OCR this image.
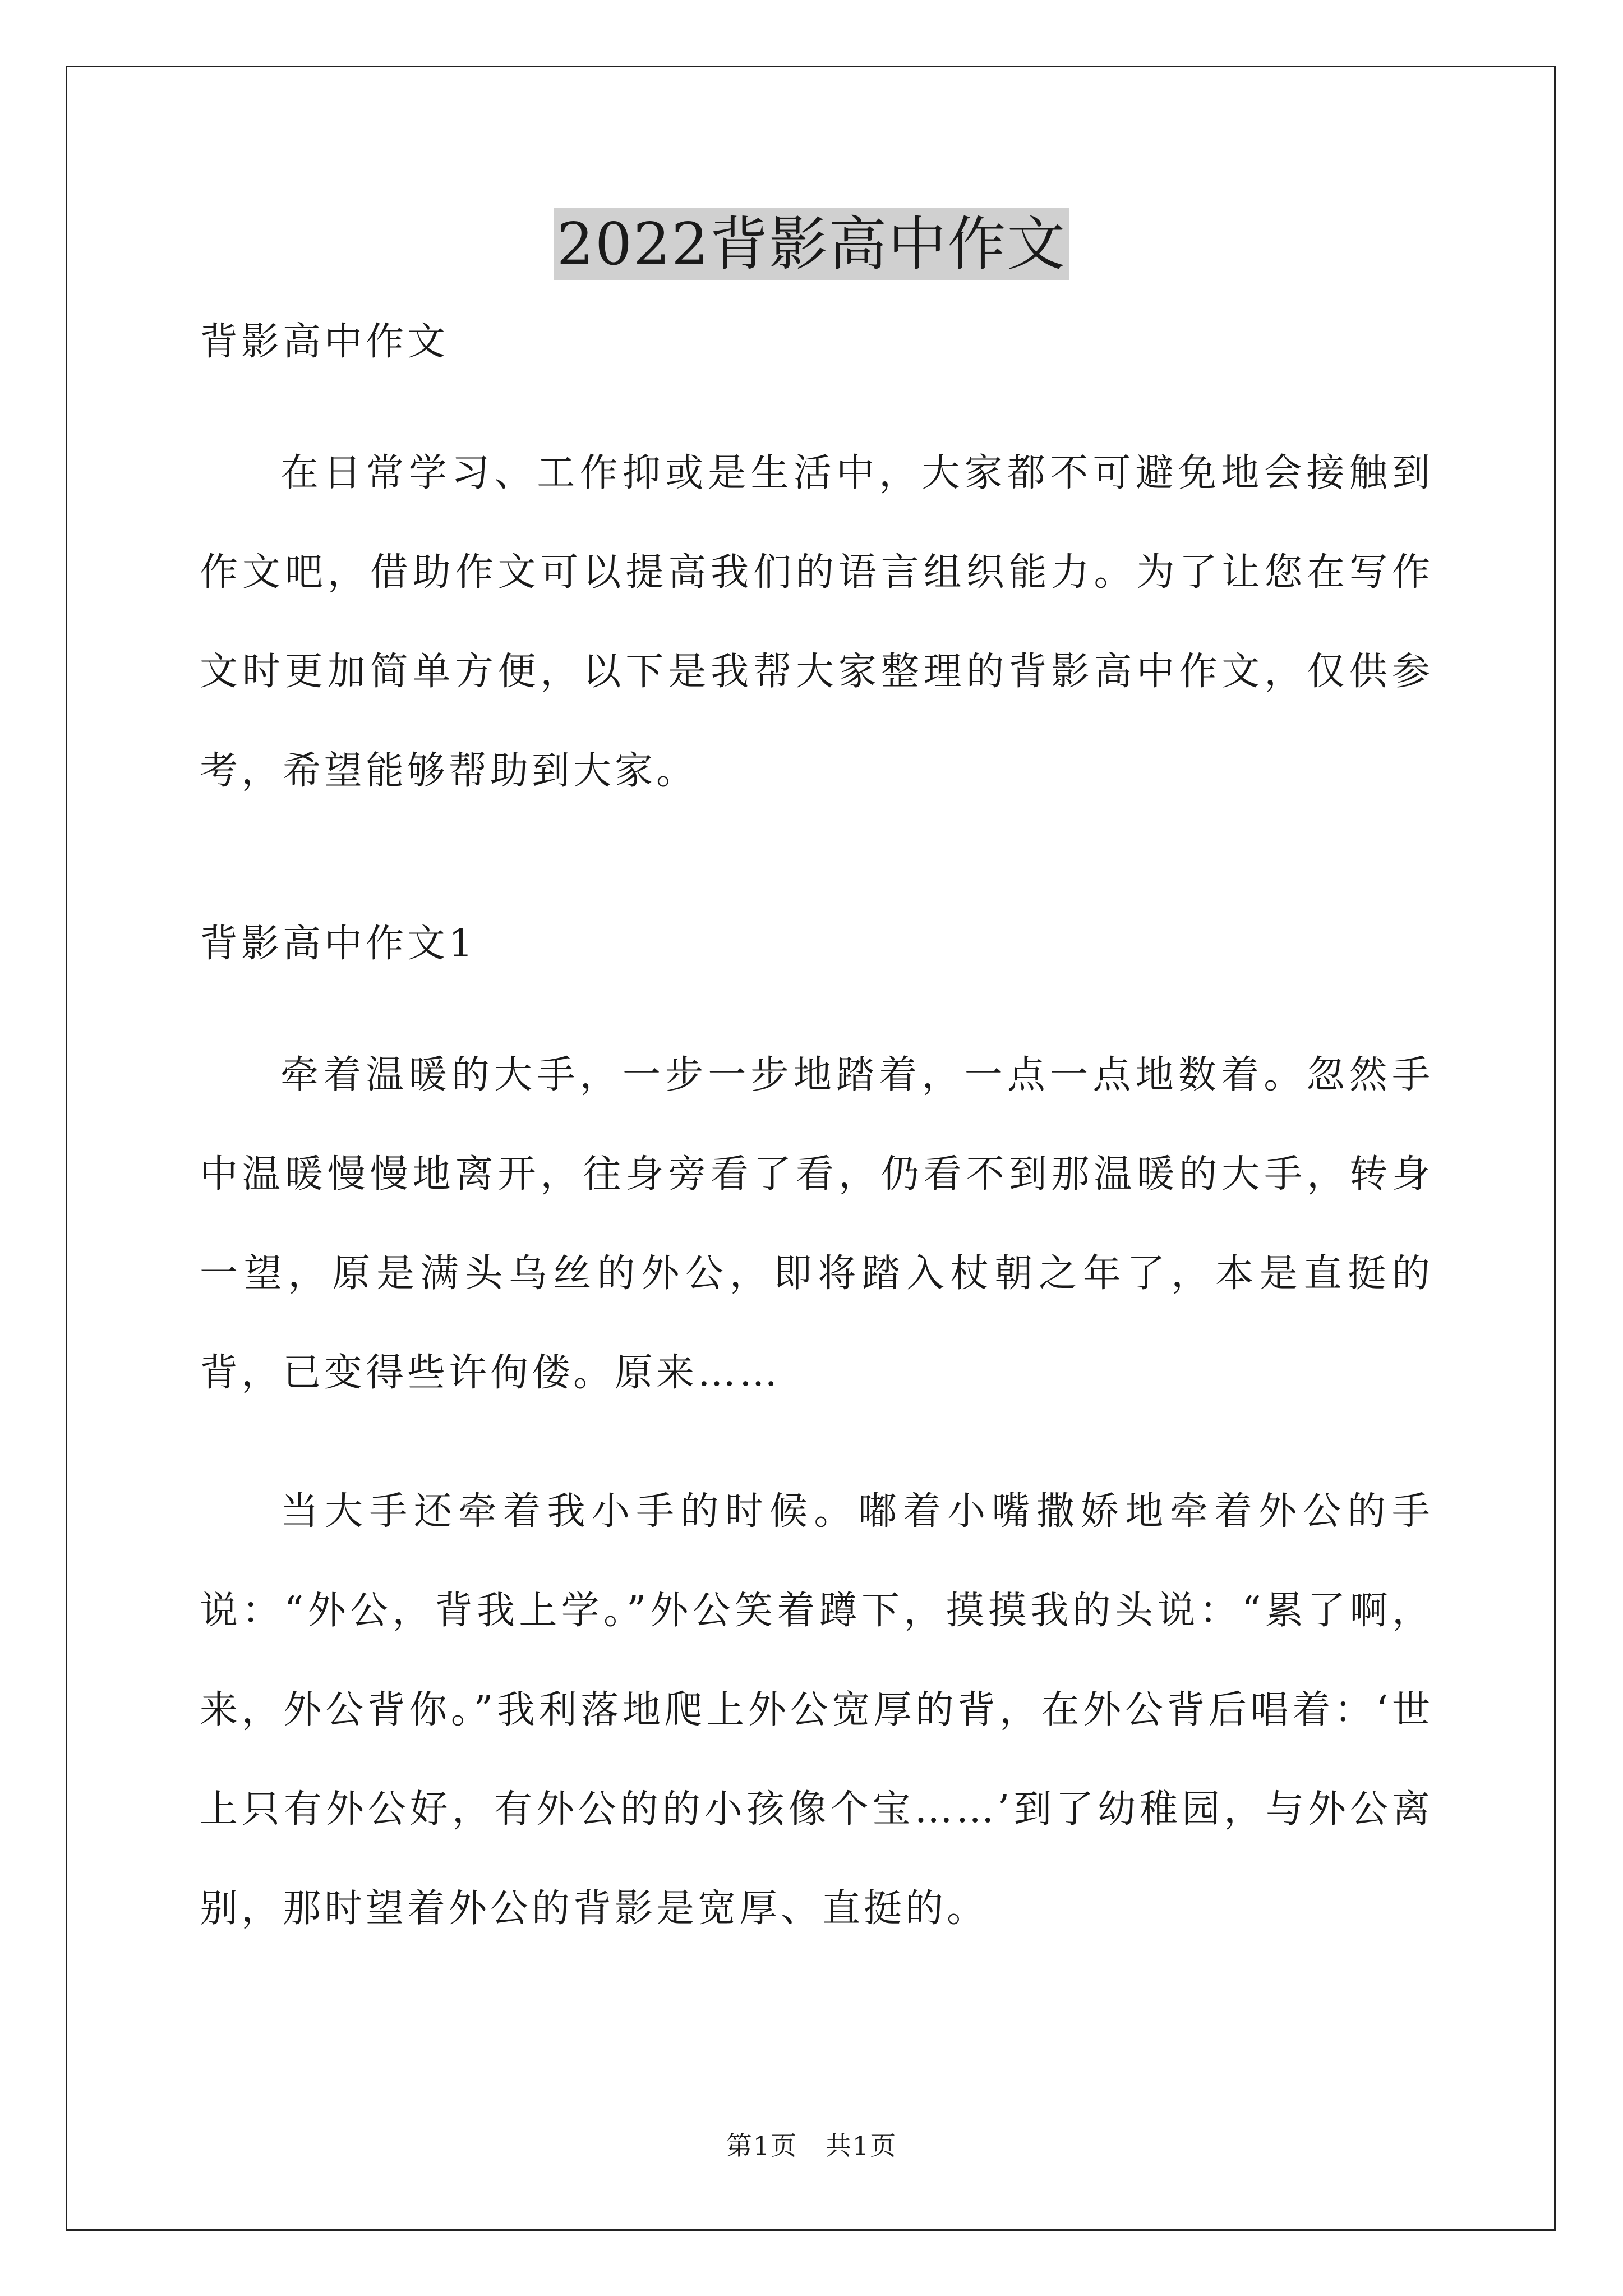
2022背影高中作文

背影高中作文

在日常学习、工作抑或是生活中，大家都不可避免地会接触到作文吧，借助作文可以提高我们的语言组织能力。为了让您在写作文时更加简单方便，以下是我帮大家整理的背影高中作文，仅供参考，希望能够帮助到大家。

背影高中作文1

牵着温暖的大手，一步一步地踏着，一点一点地数着。忽然手中温暖慢慢地离开，往身旁看了看，仍看不到那温暖的大手，转身一望，原是满头乌丝的外公，即将踏入杖朝之年了，本是直挺的背，已变得些许佝偻。原来……

当大手还牵着我小手的时候。嘟着小嘴撒娇地牵着外公的手说：“外公，背我上学。”外公笑着蹲下，摸摸我的头说：“累了啊，来，外公背你。”我利落地爬上外公宽厚的背，在外公背后唱着：‘世上只有外公好，有外公的的小孩像个宝……’到了幼稚园，与外公离别，那时望着外公的背影是宽厚、直挺的。

第1页   共1页
